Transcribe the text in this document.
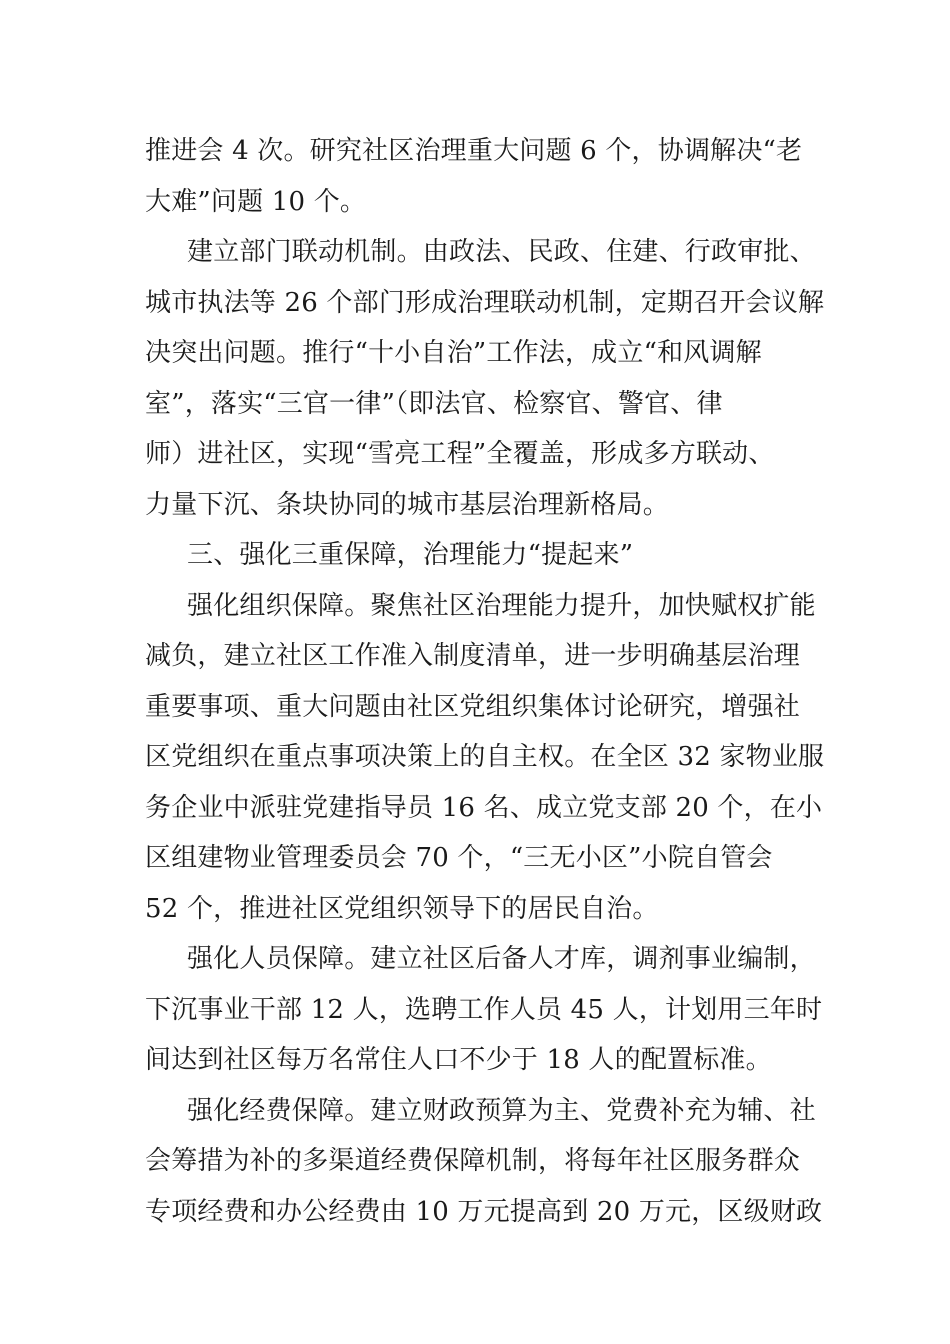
推进会 4 次。研究社区治理重大问题 6 个，协调解决“老
大难”问题 10 个。
建立部门联动机制。由政法、民政、住建、行政审批、
城市执法等 26 个部门形成治理联动机制，定期召开会议解
决突出问题。推行“十小自治”工作法，成立“和风调解
室”，落实“三官一律”（即法官、检察官、警官、律
师）进社区，实现“雪亮工程”全覆盖，形成多方联动、
力量下沉、条块协同的城市基层治理新格局。
三、强化三重保障，治理能力“提起来”
强化组织保障。聚焦社区治理能力提升，加快赋权扩能
减负，建立社区工作准入制度清单，进一步明确基层治理
重要事项、重大问题由社区党组织集体讨论研究，增强社
区党组织在重点事项决策上的自主权。在全区 32 家物业服
务企业中派驻党建指导员 16 名、成立党支部 20 个，在小
区组建物业管理委员会 70 个，“三无小区”小院自管会
52 个，推进社区党组织领导下的居民自治。
强化人员保障。建立社区后备人才库，调剂事业编制，
下沉事业干部 12 人，选聘工作人员 45 人，计划用三年时
间达到社区每万名常住人口不少于 18 人的配置标准。
强化经费保障。建立财政预算为主、党费补充为辅、社
会筹措为补的多渠道经费保障机制，将每年社区服务群众
专项经费和办公经费由 10 万元提高到 20 万元，区级财政
